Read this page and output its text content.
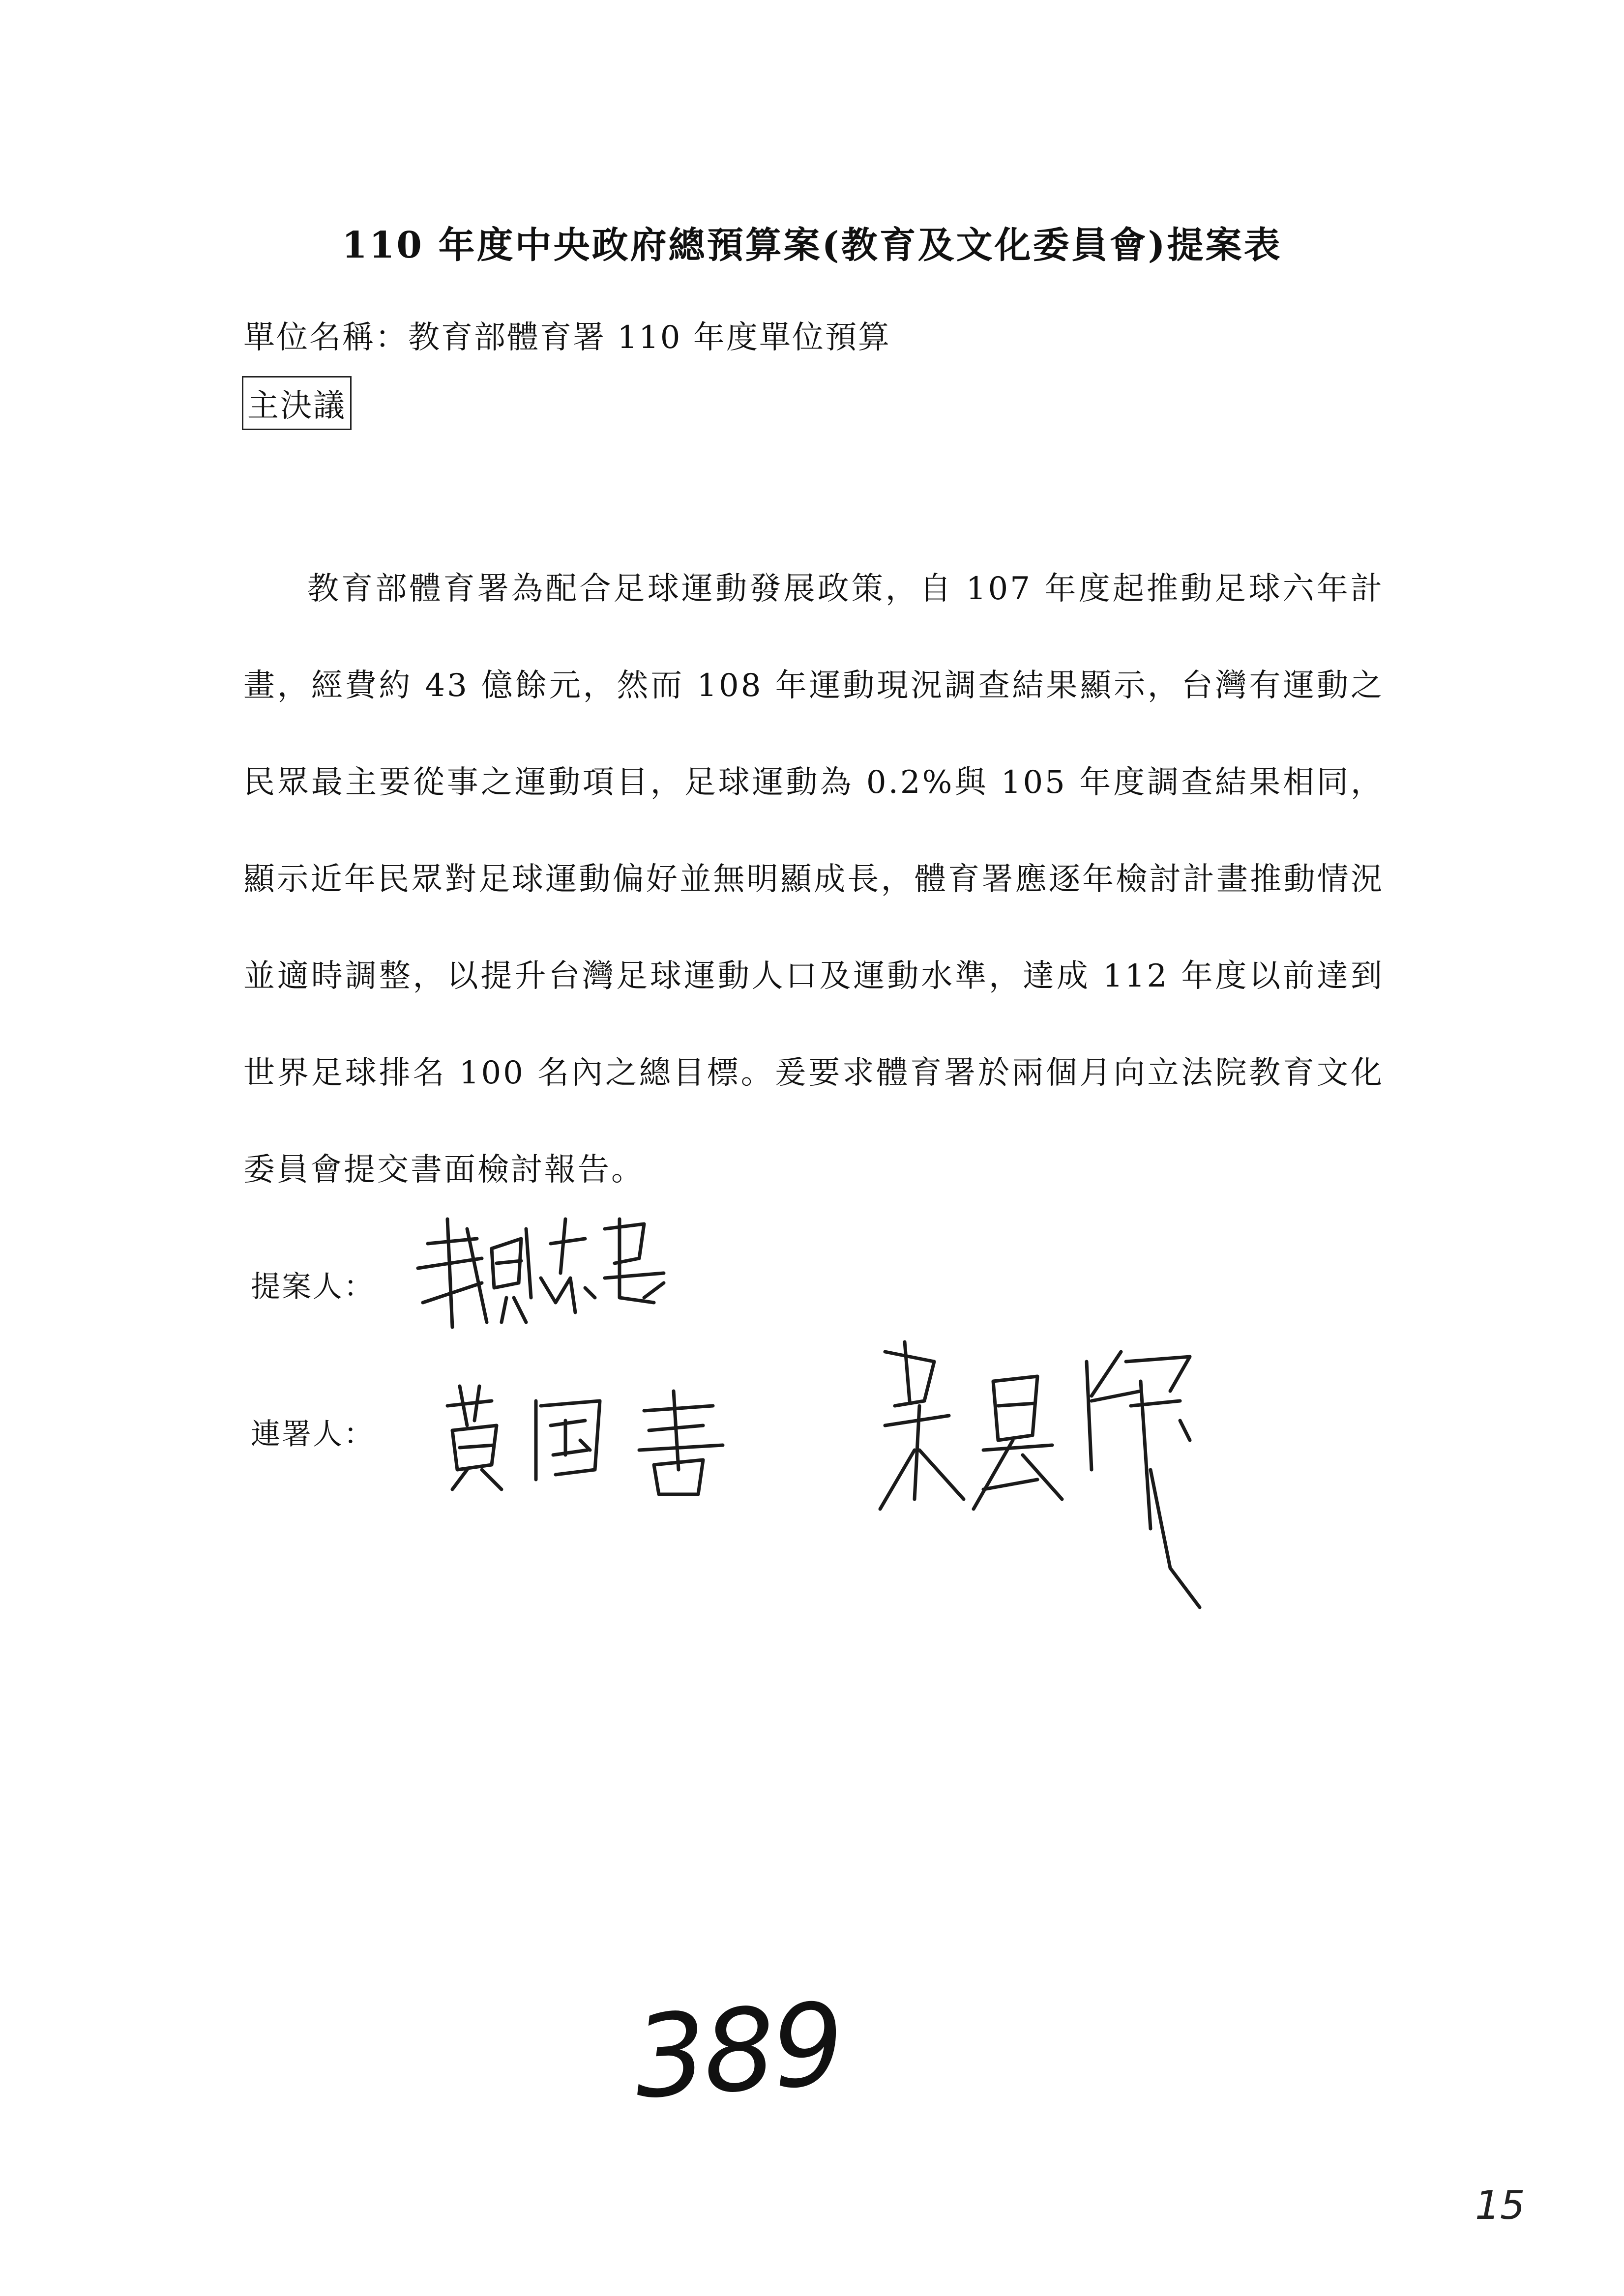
110 年度中央政府總預算案(教育及文化委員會)提案表
單位名稱：教育部體育署 110 年度單位預算
主決議
教育部體育署為配合足球運動發展政策，自 107 年度起推動足球六年計畫，經費約 43 億餘元，然而 108 年運動現況調查結果顯示，台灣有運動之民眾最主要從事之運動項目，足球運動為 0.2%與 105 年度調查結果相同，顯示近年民眾對足球運動偏好並無明顯成長，體育署應逐年檢討計畫推動情況並適時調整，以提升台灣足球運動人口及運動水準，達成 112 年度以前達到世界足球排名 100 名內之總目標。爰要求體育署於兩個月向立法院教育文化委員會提交書面檢討報告。
提案人：
連署人：
389
15
